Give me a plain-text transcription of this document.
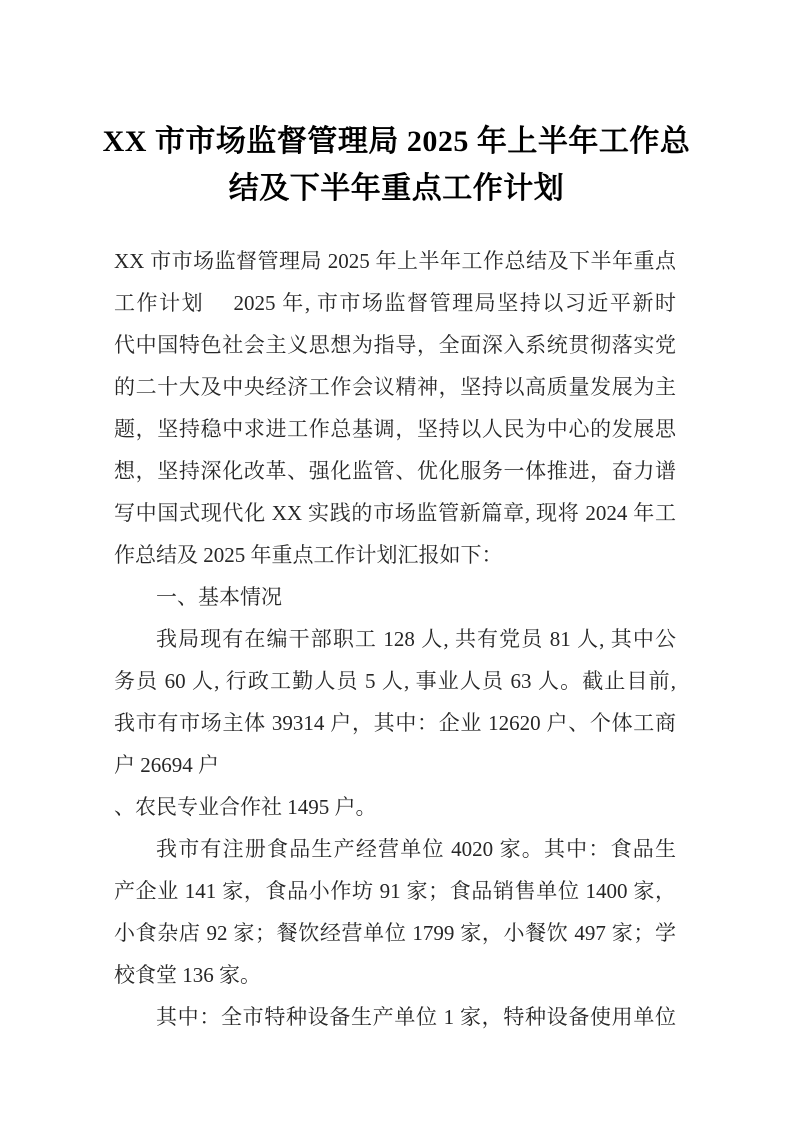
XX 市市场监督管理局 2025 年上半年工作总
结及下半年重点工作计划
XX 市市场监督管理局 2025 年上半年工作总结及下半年重点
工作计划　 2025 年, 市市场监督管理局坚持以习近平新时
代中国特色社会主义思想为指导，全面深入系统贯彻落实党
的二十大及中央经济工作会议精神，坚持以高质量发展为主
题，坚持稳中求进工作总基调，坚持以人民为中心的发展思
想，坚持深化改革、强化监管、优化服务一体推进，奋力谱
写中国式现代化 XX 实践的市场监管新篇章, 现将 2024 年工
作总结及 2025 年重点工作计划汇报如下：
一、基本情况
我局现有在编干部职工 128 人, 共有党员 81 人, 其中公
务员 60 人, 行政工勤人员 5 人, 事业人员 63 人。截止目前,
我市有市场主体 39314 户，其中：企业 12620 户、个体工商
户 26694 户
、农民专业合作社 1495 户。
我市有注册食品生产经营单位 4020 家。其中：食品生
产企业 141 家，食品小作坊 91 家；食品销售单位 1400 家，
小食杂店 92 家；餐饮经营单位 1799 家，小餐饮 497 家；学
校食堂 136 家。
其中：全市特种设备生产单位 1 家，特种设备使用单位
